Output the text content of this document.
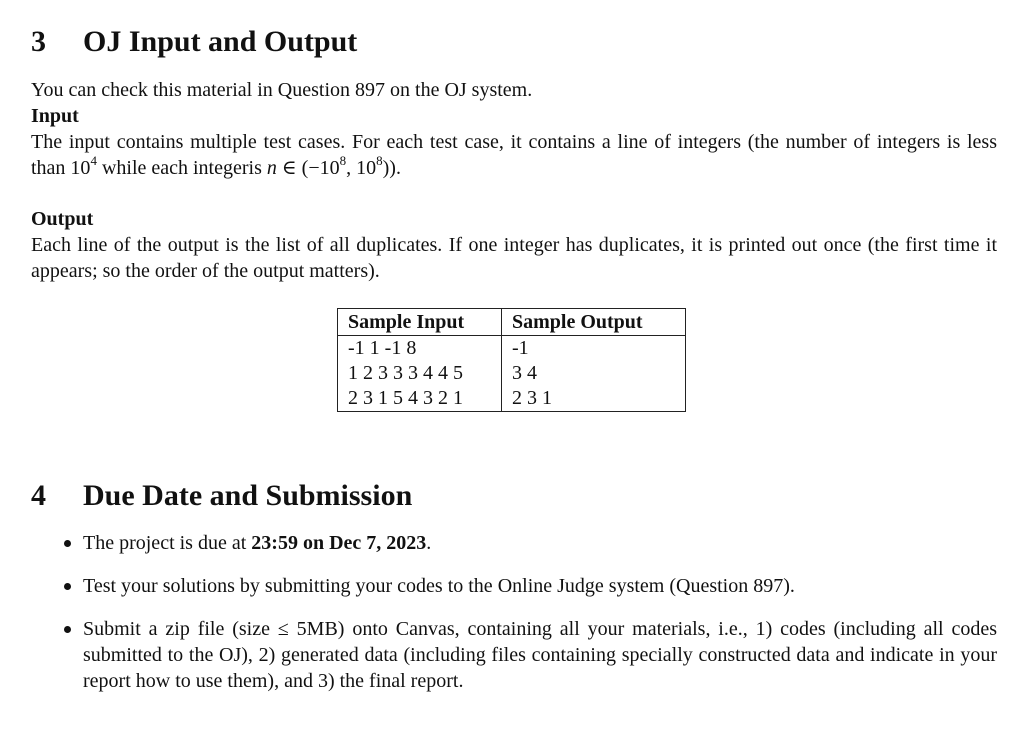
3 OJ Input and Output
You can check this material in Question 897 on the OJ system.
Input
The input contains multiple test cases. For each test case, it contains a line of integers (the number of integers is less than $10^4$ while each integeris n ∈ ($-10^8$, $10^8$)).
Output
Each line of the output is the list of all duplicates. If one integer has duplicates, it is printed out once (the first time it appears; so the order of the output matters).
Sample Input	Sample Output
-1 1 -1 8	-1
1 2 3 3 3 4 4 5	3 4
2 3 1 5 4 3 2 1	2 3 1
4 Due Date and Submission
The project is due at 23:59 on Dec 7, 2023.
Test your solutions by submitting your codes to the Online Judge system (Question 897).
Submit a zip file (size ≤ 5MB) onto Canvas, containing all your materials, i.e., 1) codes (including all codes submitted to the OJ), 2) generated data (including files containing specially constructed data and indicate in your report how to use them), and 3) the final report.
